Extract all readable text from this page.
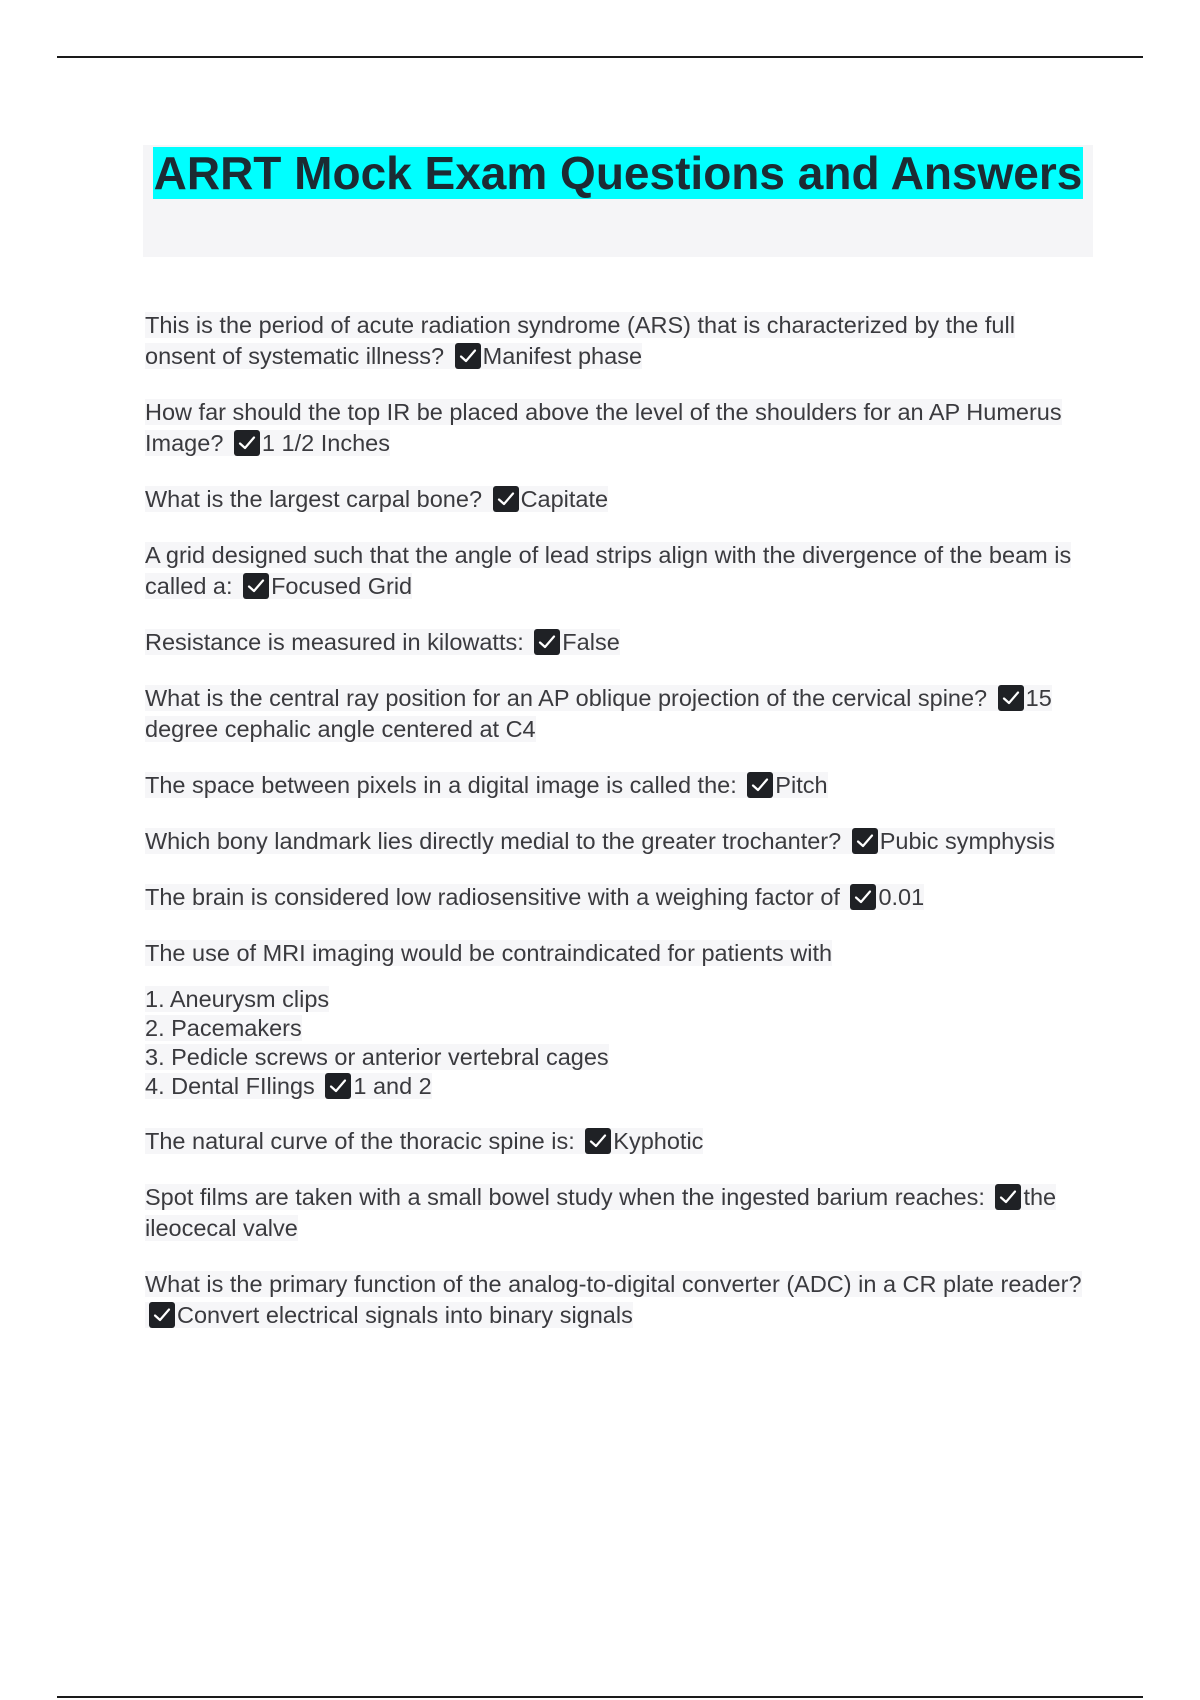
ARRT Mock Exam Questions and Answers

This is the period of acute radiation syndrome (ARS) that is characterized by the full onsent of systematic illness? Manifest phase

How far should the top IR be placed above the level of the shoulders for an AP Humerus Image? 1 1/2 Inches

What is the largest carpal bone? Capitate

A grid designed such that the angle of lead strips align with the divergence of the beam is called a: Focused Grid

Resistance is measured in kilowatts: False

What is the central ray position for an AP oblique projection of the cervical spine? 15 degree cephalic angle centered at C4

The space between pixels in a digital image is called the: Pitch

Which bony landmark lies directly medial to the greater trochanter? Pubic symphysis

The brain is considered low radiosensitive with a weighing factor of 0.01

The use of MRI imaging would be contraindicated for patients with

1. Aneurysm clips
2. Pacemakers
3. Pedicle screws or anterior vertebral cages
4. Dental FIlings 1 and 2

The natural curve of the thoracic spine is: Kyphotic

Spot films are taken with a small bowel study when the ingested barium reaches: the ileocecal valve

What is the primary function of the analog-to-digital converter (ADC) in a CR plate reader?
Convert electrical signals into binary signals
